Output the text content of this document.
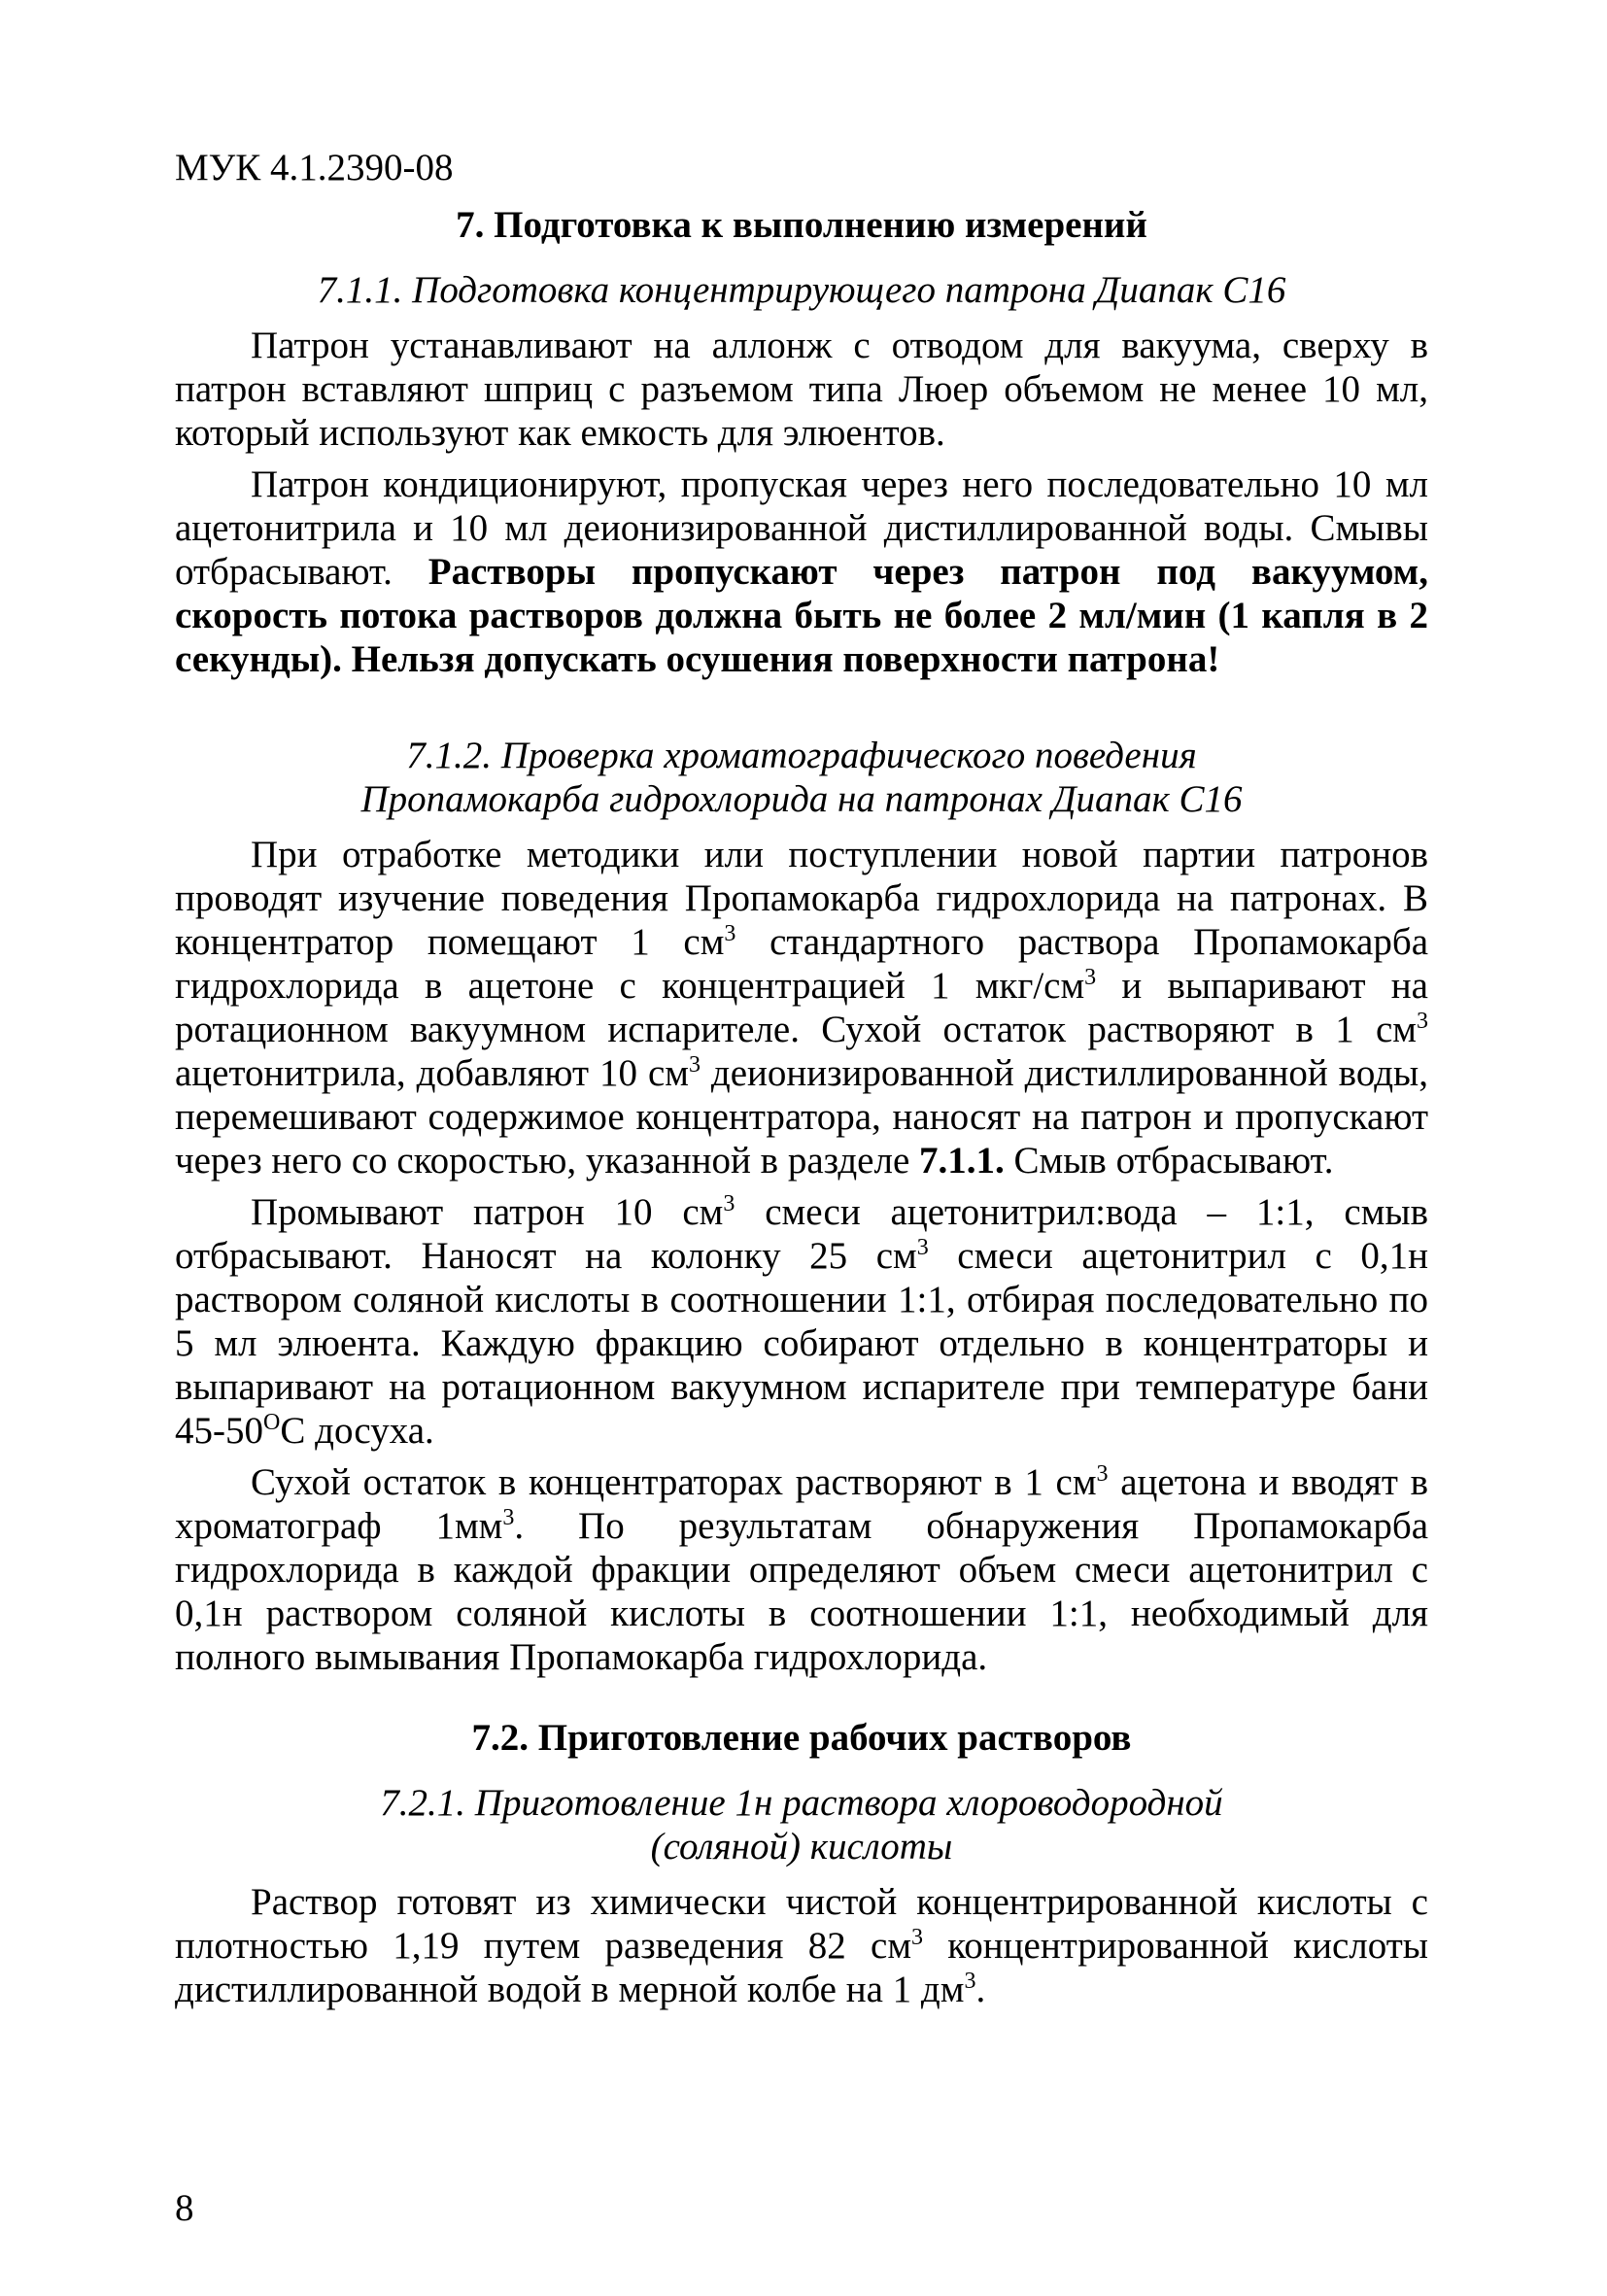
МУК 4.1.2390-08
7. Подготовка к выполнению измерений
7.1.1. Подготовка концентрирующего патрона Диапак С16

Патрон устанавливают на аллонж с отводом для вакуума, сверху в патрон вставляют шприц с разъемом типа Люер объемом не менее 10 мл, который используют как емкость для элюентов.

Патрон кондиционируют, пропуская через него последовательно 10 мл ацетонитрила и 10 мл деионизированной дистиллированной воды. Смывы отбрасывают. Растворы пропускают через патрон под вакуумом, скорость потока растворов должна быть не более 2 мл/мин (1 капля в 2 секунды). Нельзя допускать осушения поверхности патрона!

7.1.2. Проверка хроматографического поведения
Пропамокарба гидрохлорида на патронах Диапак С16

При отработке методики или поступлении новой партии патронов проводят изучение поведения Пропамокарба гидрохлорида на патронах. В концентратор помещают 1 $см^3$ стандартного раствора Пропамокарба гидрохлорида в ацетоне с концентрацией 1 мкг/$см^3$ и выпаривают на ротационном вакуумном испарителе. Сухой остаток растворяют в 1 $см^3$ ацетонитрила, добавляют 10 $см^3$ деионизированной дистиллированной воды, перемешивают содержимое концентратора, наносят на патрон и пропускают через него со скоростью, указанной в разделе 7.1.1. Смыв отбрасывают.

Промывают патрон 10 $см^3$ смеси ацетонитрил:вода – 1:1, смыв отбрасывают. Наносят на колонку 25 $см^3$ смеси ацетонитрил с 0,1н раствором соляной кислоты в соотношении 1:1, отбирая последовательно по 5 мл элюента. Каждую фракцию собирают отдельно в концентраторы и выпаривают на ротационном вакуумном испарителе при температуре бани $45-50^ОС$ досуха.

Сухой остаток в концентраторах растворяют в 1 $см^3$ ацетона и вводят в хроматограф $1мм^3$. По результатам обнаружения Пропамокарба гидрохлорида в каждой фракции определяют объем смеси ацетонитрил с 0,1н раствором соляной кислоты в соотношении 1:1, необходимый для полного вымывания Пропамокарба гидрохлорида.

7.2. Приготовление рабочих растворов
7.2.1. Приготовление 1н раствора хлороводородной
(соляной) кислоты

Раствор готовят из химически чистой концентрированной кислоты с плотностью 1,19 путем разведения 82 $см^3$ концентрированной кислоты дистиллированной водой в мерной колбе на 1 $дм^3$.

8
